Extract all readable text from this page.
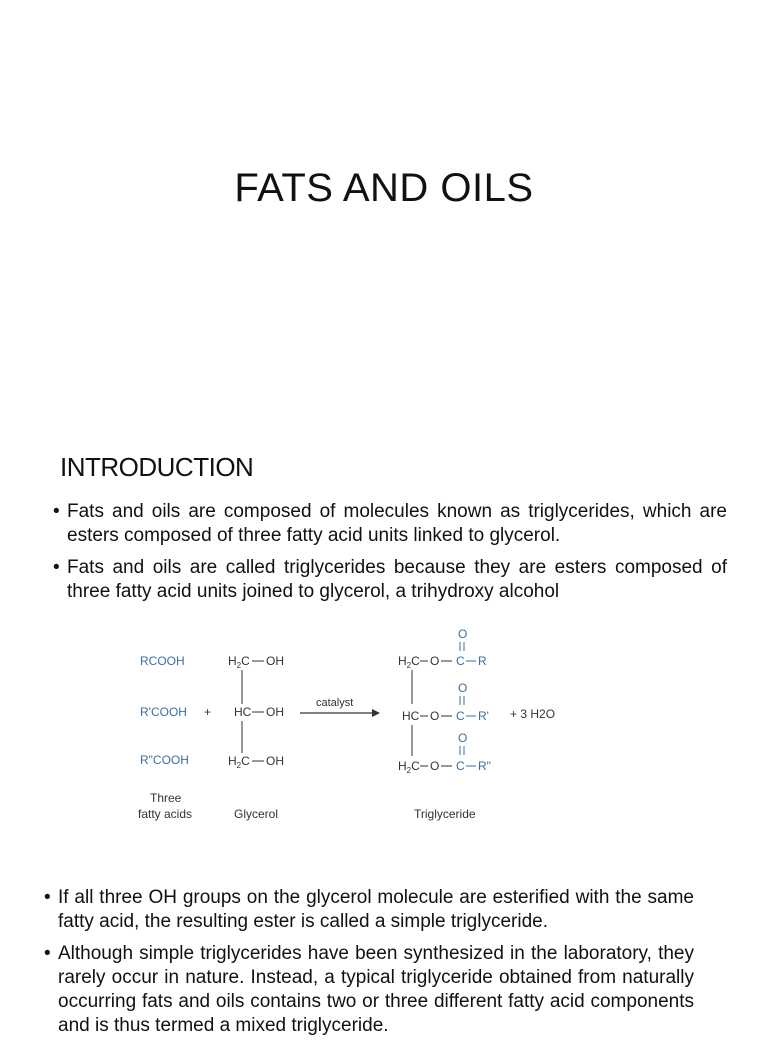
FATS AND OILS
INTRODUCTION
• Fats and oils are composed of molecules known as triglycerides, which are esters composed of three fatty acid units linked to glycerol.
• Fats and oils are called triglycerides because they are esters composed of three fatty acid units joined to glycerol, a trihydroxy alcohol
RCOOH
R'COOH
R"COOH
Three
fatty acids
+
$H_2C$ OH
HC OH
$H_2C$ OH
Glycerol
catalyst
O
$H_2C$ O C R
O
HC O C R'
O
$H_2C$ O C R"
Triglyceride
+ 3 H2O
• If all three OH groups on the glycerol molecule are esterified with the same fatty acid, the resulting ester is called a simple triglyceride.
• Although simple triglycerides have been synthesized in the laboratory, they rarely occur in nature. Instead, a typical triglyceride obtained from naturally occurring fats and oils contains two or three different fatty acid components and is thus termed a mixed triglyceride.
